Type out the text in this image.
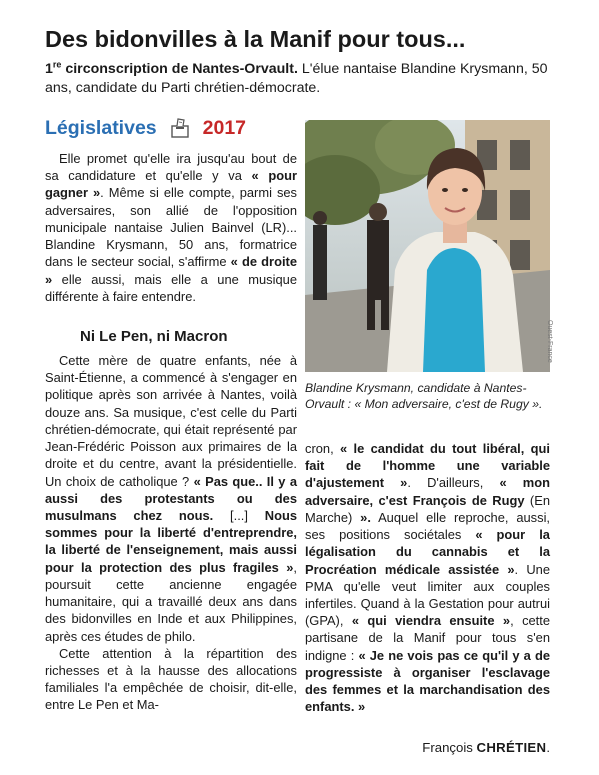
Des bidonvilles à la Manif pour tous...
1re circonscription de Nantes-Orvault. L'élue nantaise Blandine Krysmann, 50 ans, candidate du Parti chrétien-démocrate.
Législatives 2017

Elle promet qu'elle ira jusqu'au bout de sa candidature et qu'elle y va « pour gagner ». Même si elle compte, parmi ses adversaires, son allié de l'opposition municipale nantaise Julien Bainvel (LR)... Blandine Krysmann, 50 ans, formatrice dans le secteur social, s'affirme « de droite » elle aussi, mais elle a une musique différente à faire entendre.

Ni Le Pen, ni Macron

Cette mère de quatre enfants, née à Saint-Étienne, a commencé à s'engager en politique après son arrivée à Nantes, voilà douze ans. Sa musique, c'est celle du Parti chrétien-démocrate, qui était représenté par Jean-Frédéric Poisson aux primaires de la droite et du centre, avant la présidentielle. Un choix de catholique ? « Pas que.. Il y a aussi des protestants ou des musulmans chez nous. [...] Nous sommes pour la liberté d'entreprendre, la liberté de l'enseignement, mais aussi pour la protection des plus fragiles », poursuit cette ancienne engagée humanitaire, qui a travaillé deux ans dans des bidonvilles en Inde et aux Philippines, après ces études de philo.

Cette attention à la répartition des richesses et à la hausse des allocations familiales l'a empêchée de choisir, dit-elle, entre Le Pen et Ma-

Ouest-France
Blandine Krysmann, candidate à Nantes-Orvault : « Mon adversaire, c'est de Rugy ».

cron, « le candidat du tout libéral, qui fait de l'homme une variable d'ajustement ». D'ailleurs, « mon adversaire, c'est François de Rugy (En Marche) ». Auquel elle reproche, aussi, ses positions sociétales « pour la légalisation du cannabis et la Procréation médicale assistée ». Une PMA qu'elle veut limiter aux couples infertiles. Quand à la Gestation pour autrui (GPA), « qui viendra ensuite », cette partisane de la Manif pour tous s'en indigne : « Je ne vois pas ce qu'il y a de progressiste à organiser l'esclavage des femmes et la marchandisation des enfants. »

François CHRÉTIEN.
